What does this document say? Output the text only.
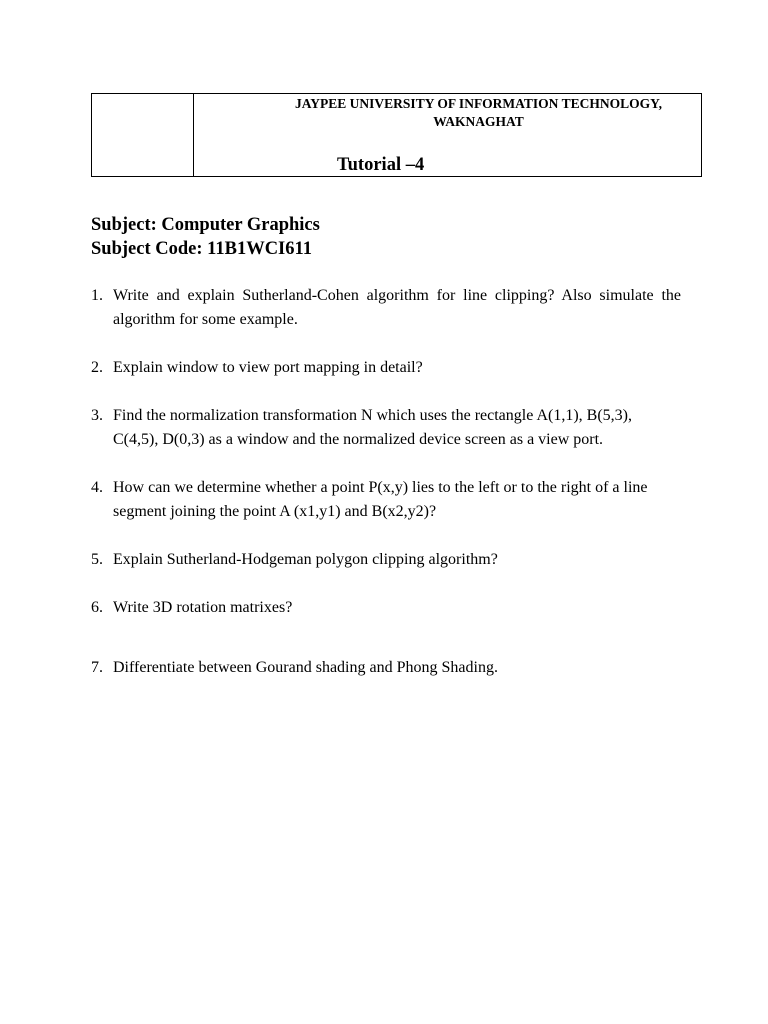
JAYPEE UNIVERSITY OF INFORMATION TECHNOLOGY,
WAKNAGHAT
Tutorial –4
Subject: Computer Graphics
Subject Code: 11B1WCI611
1. Write and explain Sutherland-Cohen algorithm for line clipping? Also simulate the algorithm for some example.
2. Explain window to view port mapping in detail?
3. Find the normalization transformation N which uses the rectangle A(1,1), B(5,3), C(4,5), D(0,3) as a window and the normalized device screen as a view port.
4. How can we determine whether a point P(x,y) lies to the left or to the right of a line segment joining the point A (x1,y1) and B(x2,y2)?
5. Explain Sutherland-Hodgeman polygon clipping algorithm?
6. Write 3D rotation matrixes?
7. Differentiate between Gourand shading and Phong Shading.
